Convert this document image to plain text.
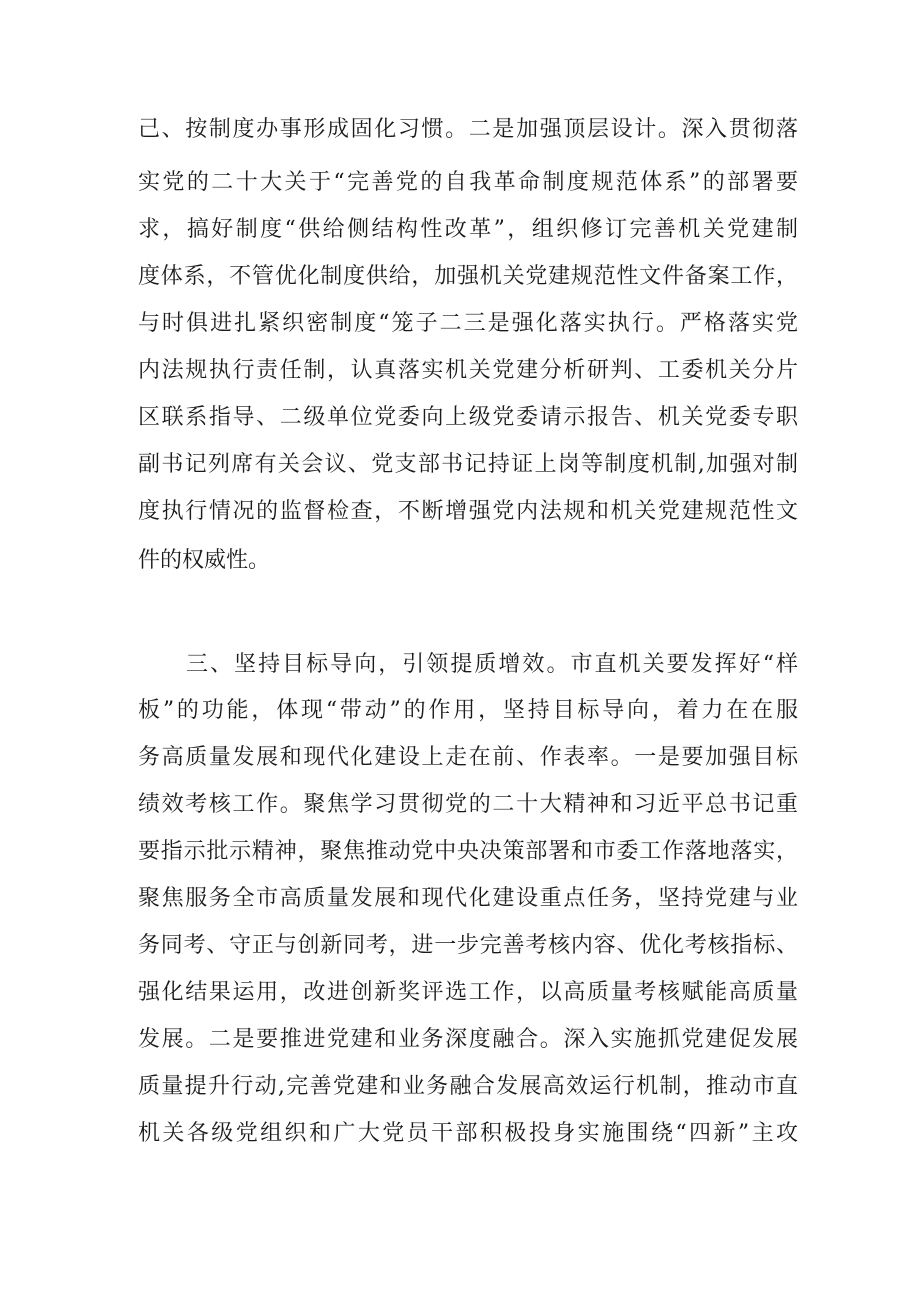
己、按制度办事形成固化习惯。二是加强顶层设计。深入贯彻落
实党的二十大关于“完善党的自我革命制度规范体系”的部署要
求，搞好制度“供给侧结构性改革”，组织修订完善机关党建制
度体系，不管优化制度供给，加强机关党建规范性文件备案工作，
与时俱进扎紧织密制度“笼子二三是强化落实执行。严格落实党
内法规执行责任制，认真落实机关党建分析研判、工委机关分片
区联系指导、二级单位党委向上级党委请示报告、机关党委专职
副书记列席有关会议、党支部书记持证上岗等制度机制,加强对制
度执行情况的监督检查，不断增强党内法规和机关党建规范性文
件的权威性。
三、坚持目标导向，引领提质增效。市直机关要发挥好“样
板”的功能，体现“带动”的作用，坚持目标导向，着力在在服
务高质量发展和现代化建设上走在前、作表率。一是要加强目标
绩效考核工作。聚焦学习贯彻党的二十大精神和习近平总书记重
要指示批示精神，聚焦推动党中央决策部署和市委工作落地落实，
聚焦服务全市高质量发展和现代化建设重点任务，坚持党建与业
务同考、守正与创新同考，进一步完善考核内容、优化考核指标、
强化结果运用，改进创新奖评选工作，以高质量考核赋能高质量
发展。二是要推进党建和业务深度融合。深入实施抓党建促发展
质量提升行动,完善党建和业务融合发展高效运行机制，推动市直
机关各级党组织和广大党员干部积极投身实施围绕“四新”主攻
